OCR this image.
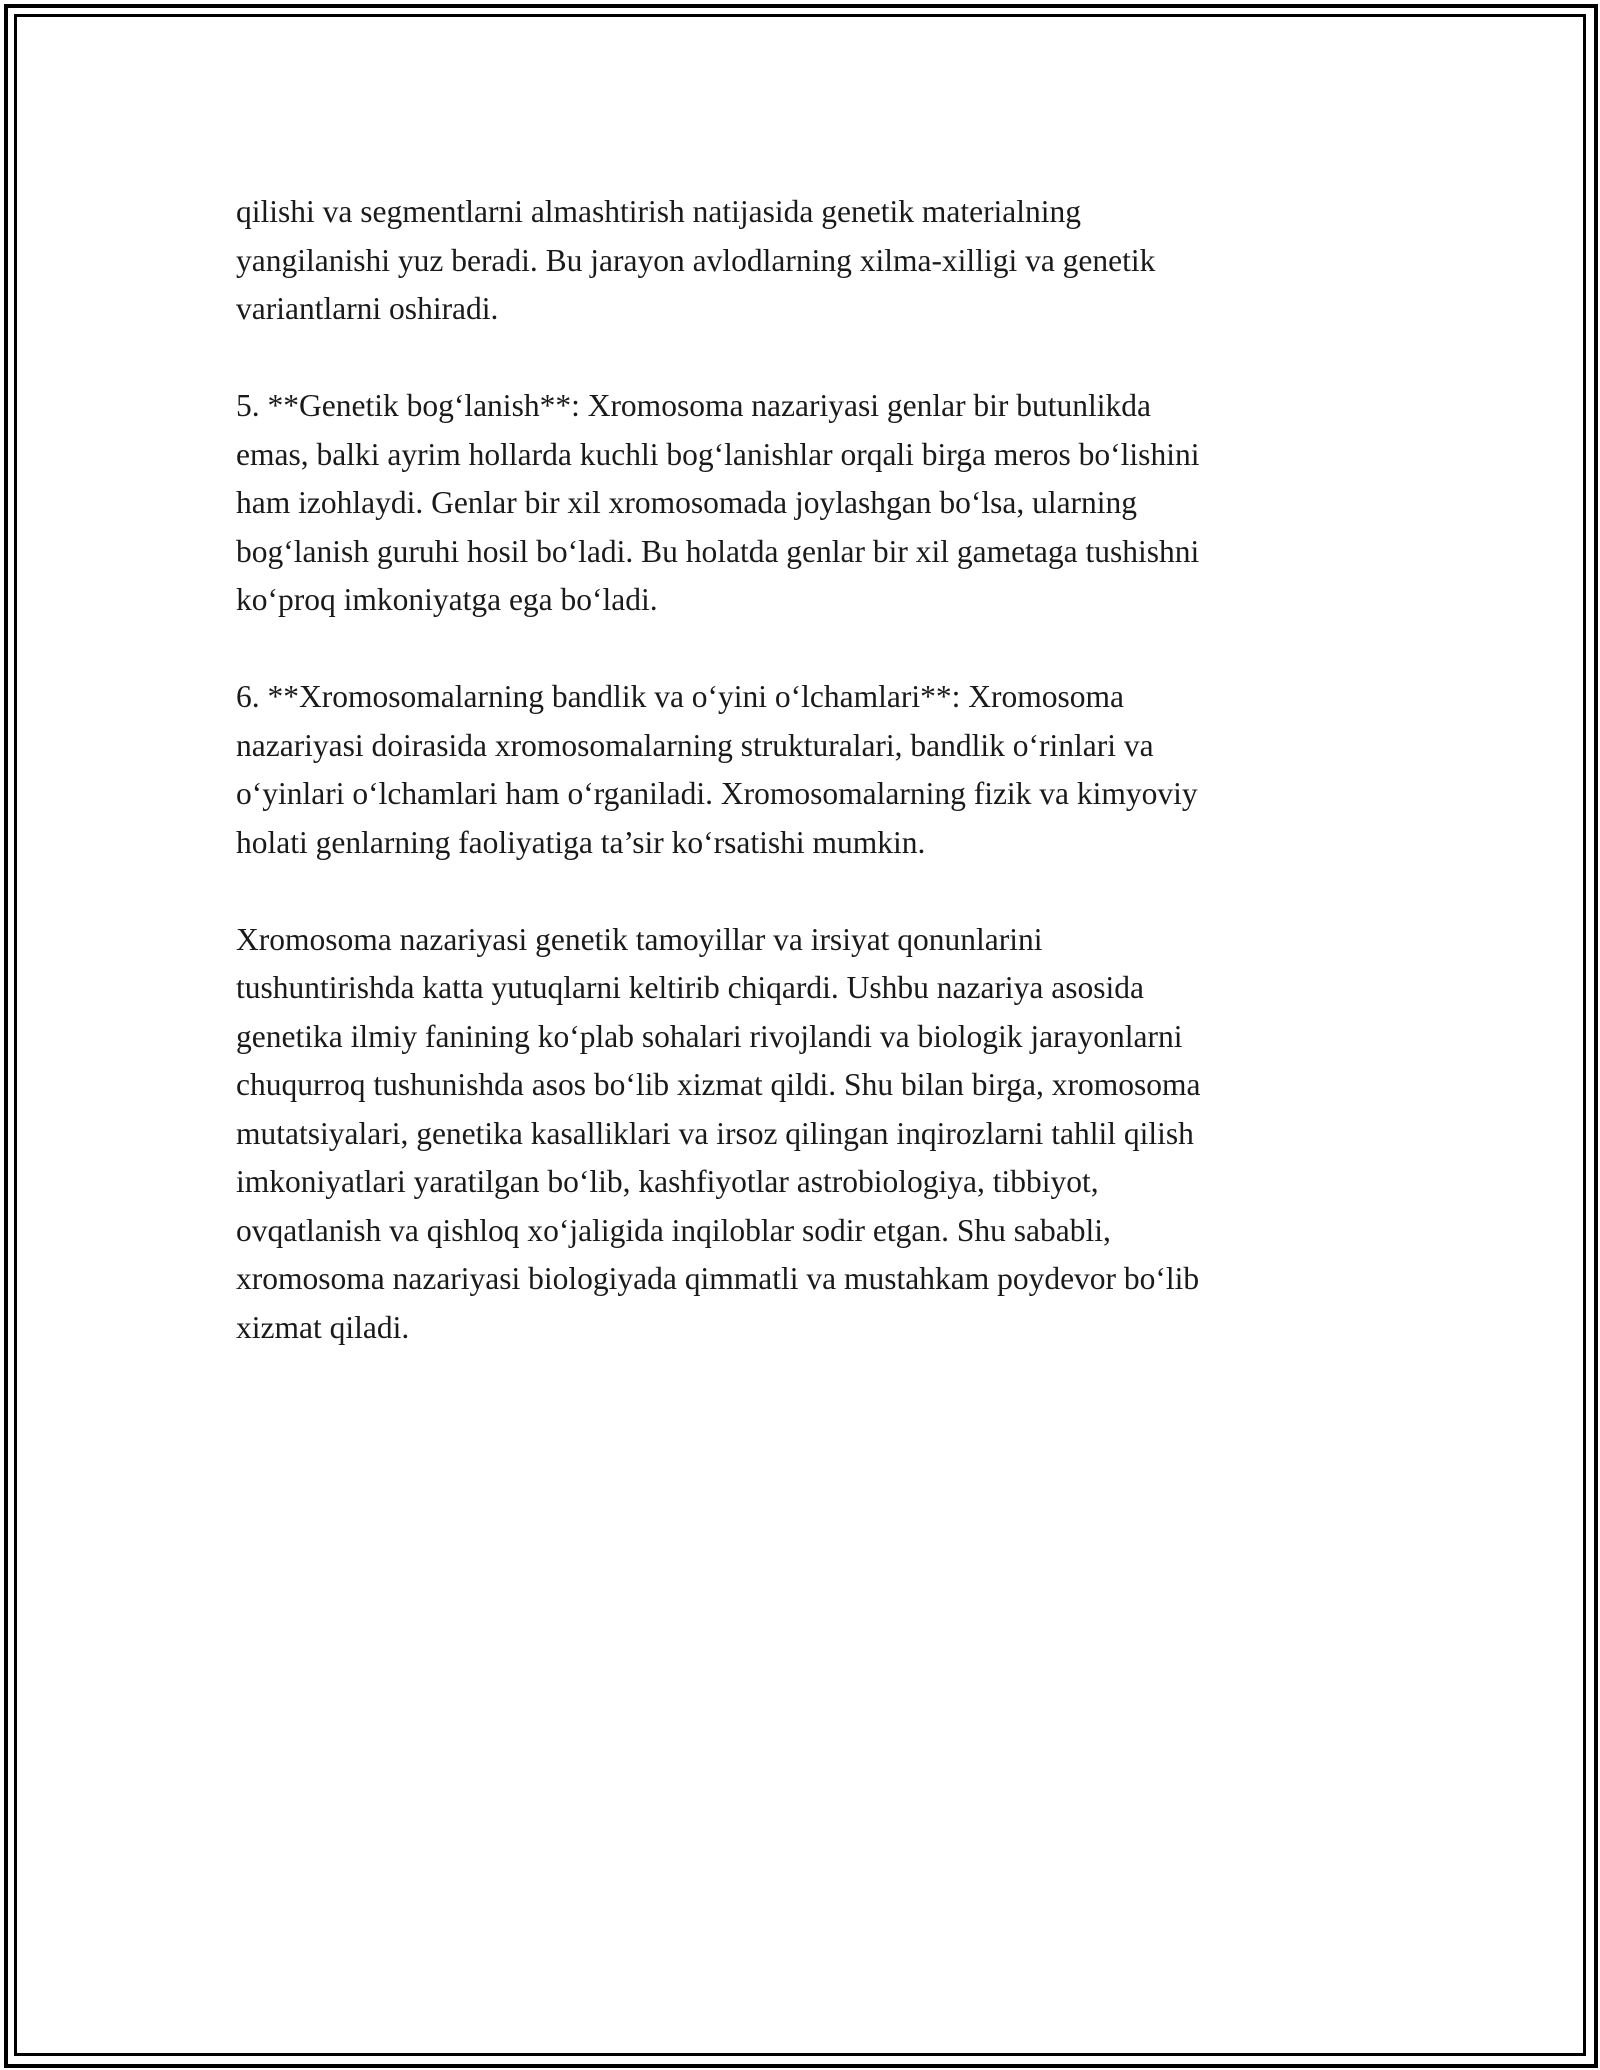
qilishi va segmentlarni almashtirish natijasida genetik materialning
yangilanishi yuz beradi. Bu jarayon avlodlarning xilma-xilligi va genetik
variantlarni oshiradi.

5. **Genetik bog‘lanish**: Xromosoma nazariyasi genlar bir butunlikda
emas, balki ayrim hollarda kuchli bog‘lanishlar orqali birga meros bo‘lishini
ham izohlaydi. Genlar bir xil xromosomada joylashgan bo‘lsa, ularning
bog‘lanish guruhi hosil bo‘ladi. Bu holatda genlar bir xil gametaga tushishni
ko‘proq imkoniyatga ega bo‘ladi.

6. **Xromosomalarning bandlik va o‘yini o‘lchamlari**: Xromosoma
nazariyasi doirasida xromosomalarning strukturalari, bandlik o‘rinlari va
o‘yinlari o‘lchamlari ham o‘rganiladi. Xromosomalarning fizik va kimyoviy
holati genlarning faoliyatiga ta’sir ko‘rsatishi mumkin.

Xromosoma nazariyasi genetik tamoyillar va irsiyat qonunlarini
tushuntirishda katta yutuqlarni keltirib chiqardi. Ushbu nazariya asosida
genetika ilmiy fanining ko‘plab sohalari rivojlandi va biologik jarayonlarni
chuqurroq tushunishda asos bo‘lib xizmat qildi. Shu bilan birga, xromosoma
mutatsiyalari, genetika kasalliklari va irsoz qilingan inqirozlarni tahlil qilish
imkoniyatlari yaratilgan bo‘lib, kashfiyotlar astrobiologiya, tibbiyot,
ovqatlanish va qishloq xo‘jaligida inqiloblar sodir etgan. Shu sababli,
xromosoma nazariyasi biologiyada qimmatli va mustahkam poydevor bo‘lib
xizmat qiladi.
